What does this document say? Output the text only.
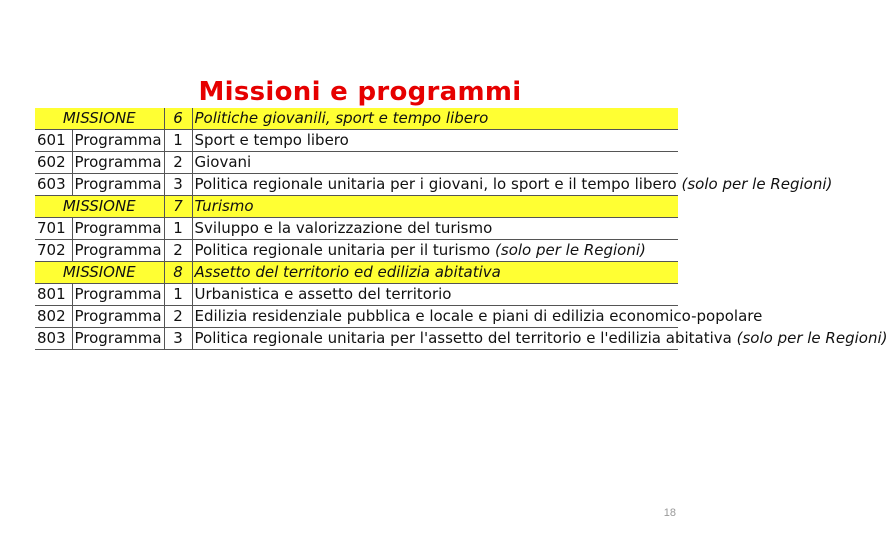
Missioni e programmi
MISSIONE		6	Politiche giovanili, sport e tempo libero
601	Programma	1	Sport e tempo libero
602	Programma	2	Giovani
603	Programma	3	Politica regionale unitaria per i giovani, lo sport e il tempo libero (solo per le Regioni)
MISSIONE		7	Turismo
701	Programma	1	Sviluppo e la valorizzazione del turismo
702	Programma	2	Politica regionale unitaria per il turismo (solo per le Regioni)
MISSIONE		8	Assetto del territorio ed edilizia abitativa
801	Programma	1	Urbanistica e assetto del territorio
802	Programma	2	Edilizia residenziale pubblica e locale e piani di edilizia economico-popolare
803	Programma	3	Politica regionale unitaria per l'assetto del territorio e l'edilizia abitativa (solo per le Regioni)
18
